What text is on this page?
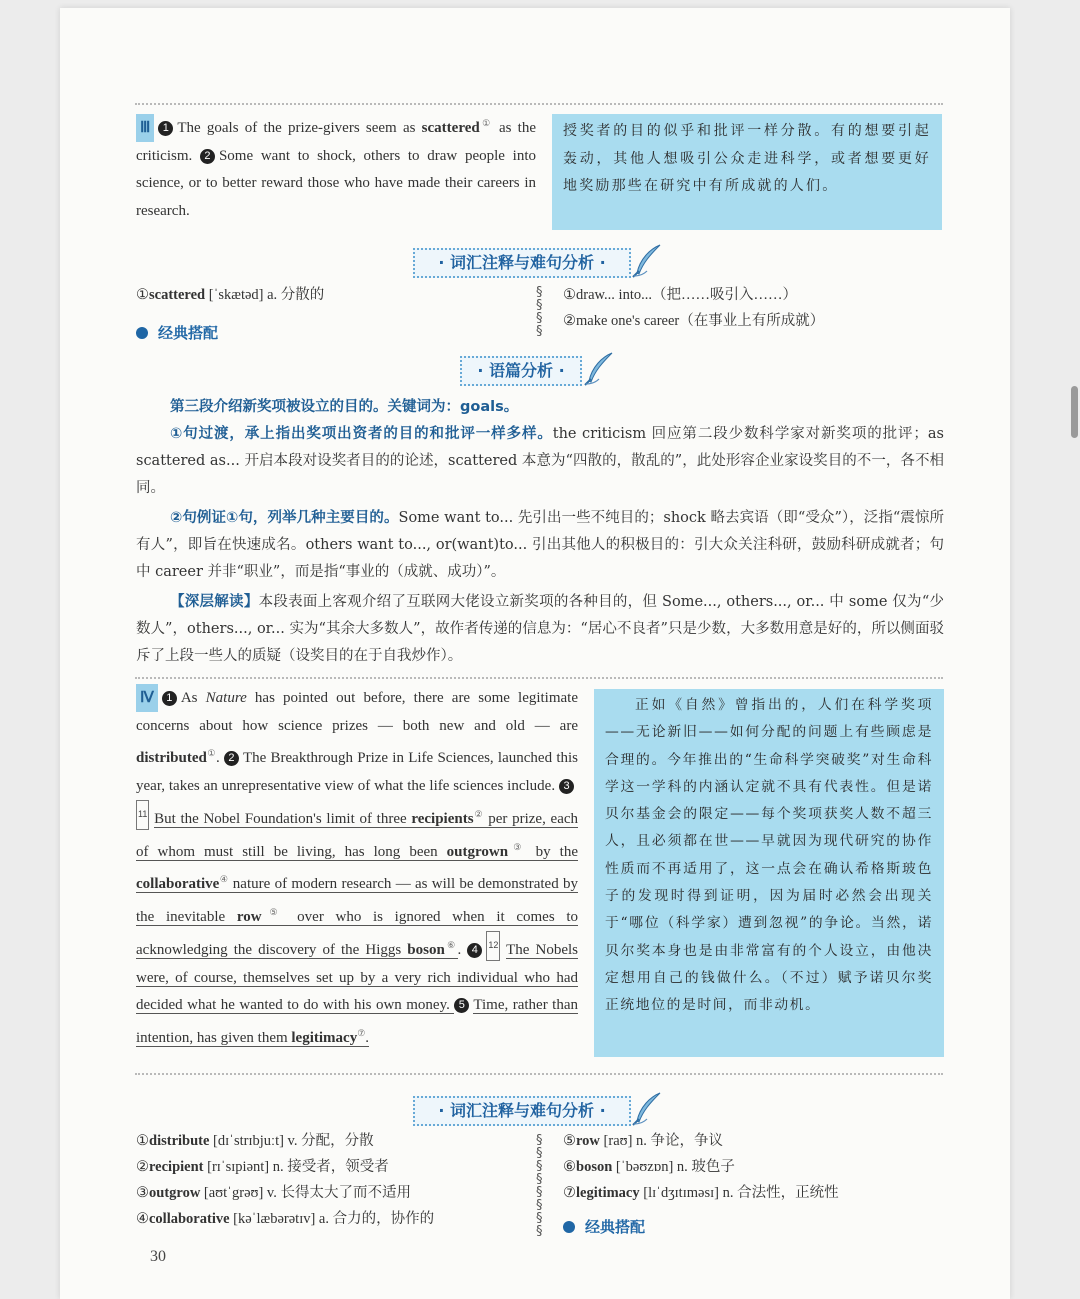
Ⅲ 1 The goals of the prize-givers seem as scattered① as the criticism. 2 Some want to shock, others to draw people into science, or to better reward those who have made their careers in research.
授奖者的目的似乎和批评一样分散。有的想要引起轰动，其他人想吸引公众走进科学，或者想要更好地奖励那些在研究中有所成就的人们。
· 词汇注释与难句分析 ·
①scattered [ˈskætəd] a. 分散的
经典搭配
§
§
§
§
①draw... into...（把……吸引入……）
②make one's career（在事业上有所成就）
· 语篇分析 ·
第三段介绍新奖项被设立的目的。关键词为：goals。
①句过渡，承上指出奖项出资者的目的和批评一样多样。the criticism 回应第二段少数科学家对新奖项的批评；as scattered as... 开启本段对设奖者目的的论述，scattered 本意为“四散的，散乱的”，此处形容企业家设奖目的不一，各不相同。
②句例证①句，列举几种主要目的。Some want to... 先引出一些不纯目的；shock 略去宾语（即“受众”），泛指“震惊所有人”，即旨在快速成名。others want to..., or(want)to... 引出其他人的积极目的：引大众关注科研，鼓励科研成就者；句中 career 并非“职业”，而是指“事业的（成就、成功）”。
【深层解读】本段表面上客观介绍了互联网大佬设立新奖项的各种目的，但 Some..., others..., or... 中 some 仅为“少数人”，others..., or... 实为“其余大多数人”，故作者传递的信息为：“居心不良者”只是少数，大多数用意是好的，所以侧面驳斥了上段一些人的质疑（设奖目的在于自我炒作）。
Ⅳ 1 As Nature has pointed out before, there are some legitimate concerns about how science prizes — both new and old — are distributed①. 2 The Breakthrough Prize in Life Sciences, launched this year, takes an unrepresentative view of what the life sciences include. 311 But the Nobel Foundation's limit of three recipients② per prize, each of whom must still be living, has long been outgrown③ by the collaborative④ nature of modern research — as will be demonstrated by the inevitable row⑤ over who is ignored when it comes to acknowledging the discovery of the Higgs boson⑥. 4 12 The Nobels were, of course, themselves set up by a very rich individual who had decided what he wanted to do with his own money. 5 Time, rather than intention, has given them legitimacy⑦.
正如《自然》曾指出的，人们在科学奖项——无论新旧——如何分配的问题上有些顾虑是合理的。今年推出的“生命科学突破奖”对生命科学这一学科的内涵认定就不具有代表性。但是诺贝尔基金会的限定——每个奖项获奖人数不超三人，且必须都在世——早就因为现代研究的协作性质而不再适用了，这一点会在确认希格斯玻色子的发现时得到证明，因为届时必然会出现关于“哪位（科学家）遭到忽视”的争论。当然，诺贝尔奖本身也是由非常富有的个人设立，由他决定想用自己的钱做什么。（不过）赋予诺贝尔奖正统地位的是时间，而非动机。
· 词汇注释与难句分析 ·
①distribute [dɪˈstrɪbjuːt] v. 分配，分散
②recipient [rɪˈsɪpiənt] n. 接受者，领受者
③outgrow [aʊtˈgrəʊ] v. 长得太大了而不适用
④collaborative [kəˈlæbərətɪv] a. 合力的，协作的
§
§
§
§
§
§
§
§
⑤row [raʊ] n. 争论，争议
⑥boson [ˈbəʊzɒn] n. 玻色子
⑦legitimacy [lɪˈdʒɪtɪməsɪ] n. 合法性，正统性
经典搭配
30
